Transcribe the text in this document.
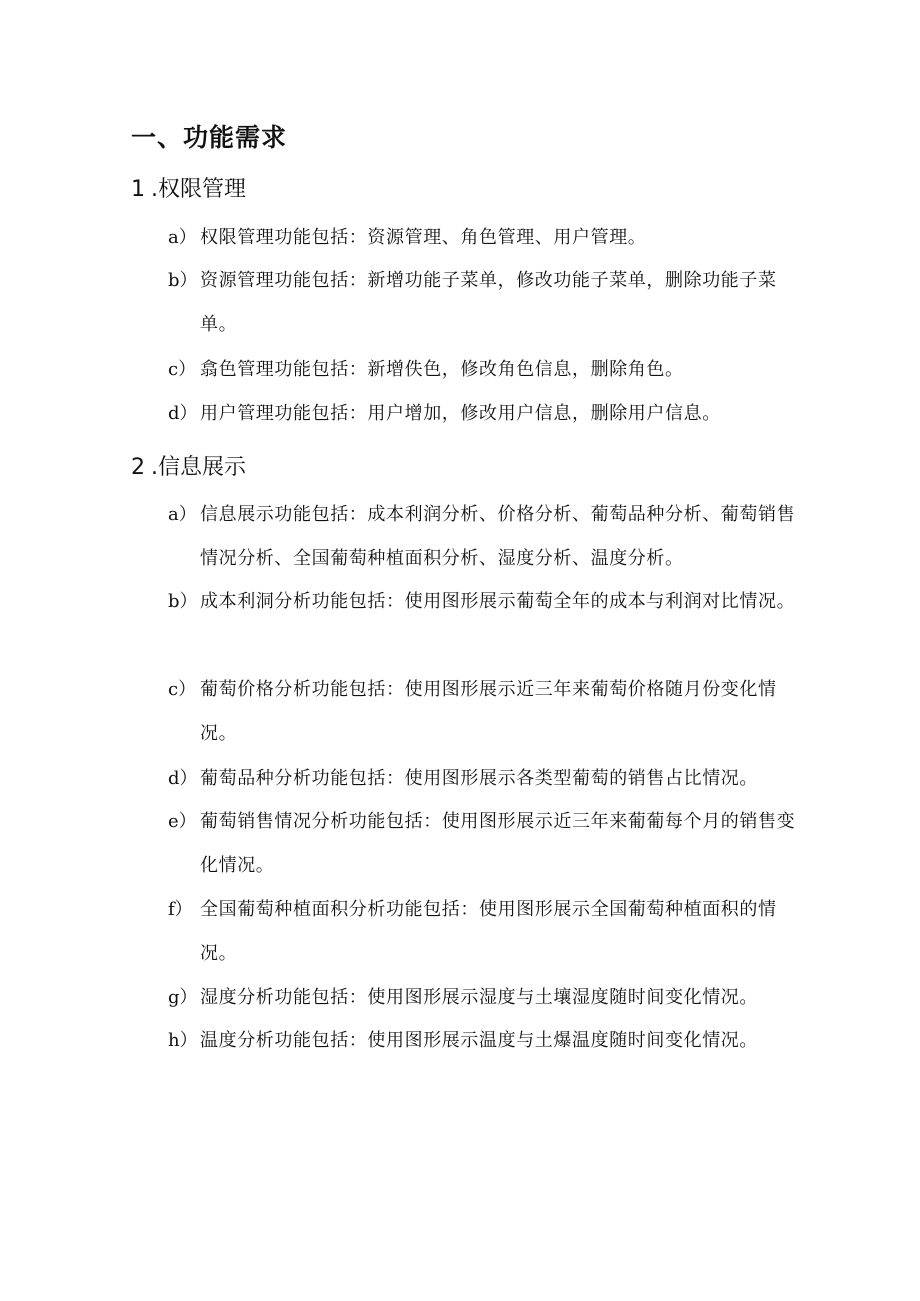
一、功能需求
1 .权限管理
a） 权限管理功能包括：资源管理、角色管理、用户管理。
b） 资源管理功能包括：新增功能子菜单，修改功能子菜单，删除功能子菜单。
c） 翕色管理功能包括：新增佚色，修改角色信息，删除角色。
d） 用户管理功能包括：用户增加，修改用户信息，删除用户信息。
2 .信息展示
a） 信息展示功能包括：成本利润分析、价格分析、葡萄品种分析、葡萄销售情况分析、全国葡萄种植面积分析、湿度分析、温度分析。
b） 成本利洞分析功能包括：使用图形展示葡萄全年的成本与利润对比情况。
c） 葡萄价格分析功能包括：使用图形展示近三年来葡萄价格随月份变化情况。
d） 葡萄品种分析功能包括：使用图形展示各类型葡萄的销售占比情况。
e） 葡萄销售情况分析功能包括：使用图形展示近三年来葡葡每个月的销售变化情况。
f） 全国葡萄种植面积分析功能包括：使用图形展示全国葡萄种植面积的情况。
g） 湿度分析功能包括：使用图形展示湿度与土壤湿度随时间变化情况。
h） 温度分析功能包括：使用图形展示温度与土爆温度随时间变化情况。
